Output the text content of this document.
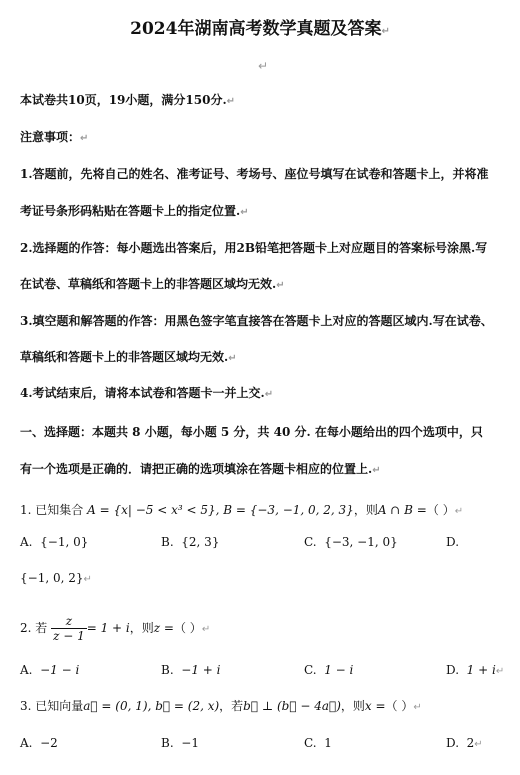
2024年湖南高考数学真题及答案↵
↵
本试卷共10页，19小题，满分150分.↵
注意事项：↵
1.答题前，先将自己的姓名、准考证号、考场号、座位号填写在试卷和答题卡上，并将准
考证号条形码粘贴在答题卡上的指定位置.↵
2.选择题的作答：每小题选出答案后，用2B铅笔把答题卡上对应题目的答案标号涂黑.写
在试卷、草稿纸和答题卡上的非答题区域均无效.↵
3.填空题和解答题的作答：用黑色签字笔直接答在答题卡上对应的答题区域内.写在试卷、
草稿纸和答题卡上的非答题区域均无效.↵
4.考试结束后，请将本试卷和答题卡一并上交.↵
一、选择题：本题共 8 小题，每小题 5 分，共 40 分. 在每小题给出的四个选项中，只
有一个选项是正确的．请把正确的选项填涂在答题卡相应的位置上.↵
1. 已知集合 A = {x| −5 < x³ < 5}, B = {−3, −1, 0, 2, 3}，则A ∩ B =（ ）↵
A. {−1, 0}	B. {2, 3}	C. {−3, −1, 0}	D.
{−1, 0, 2}↵
2. 若 $\frac{z}{z - 1} = 1 + i$，则z =（ ）↵
A. −1 − i	B. −1 + i	C. 1 − i	D. 1 + i↵
3. 已知向量a⃗ = (0, 1), b⃗ = (2, x)，若b⃗ ⊥ (b⃗ − 4a⃗)，则x =（ ）↵
A. −2	B. −1	C. 1	D. 2↵
